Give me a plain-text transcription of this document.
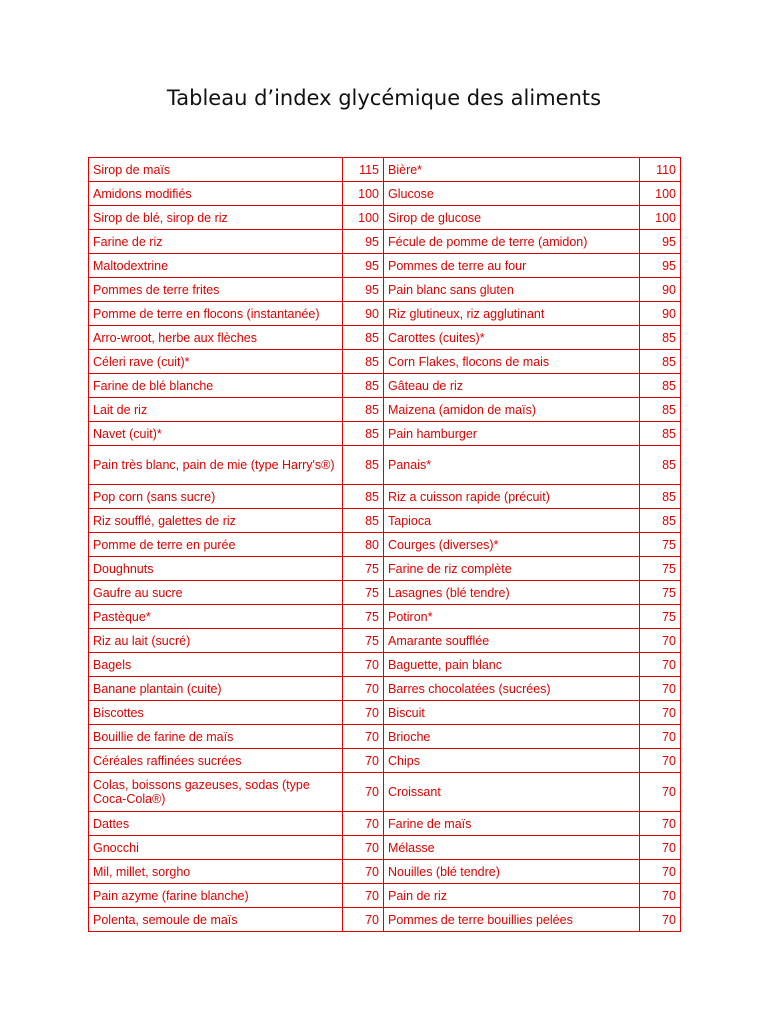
Tableau d’index glycémique des aliments
Sirop de maïs	115	Bière*	110
Amidons modifiés	100	Glucose	100
Sirop de blé, sirop de riz	100	Sirop de glucose	100
Farine de riz	95	Fécule de pomme de terre (amidon)	95
Maltodextrine	95	Pommes de terre au four	95
Pommes de terre frites	95	Pain blanc sans gluten	90
Pomme de terre en flocons (instantanée)	90	Riz glutineux, riz agglutinant	90
Arro-wroot, herbe aux flèches	85	Carottes (cuites)*	85
Céleri rave (cuit)*	85	Corn Flakes, flocons de mais	85
Farine de blé blanche	85	Gâteau de riz	85
Lait de riz	85	Maizena (amidon de maïs)	85
Navet (cuit)*	85	Pain hamburger	85
Pain très blanc, pain de mie (type Harry's®)	85	Panais*	85
Pop corn (sans sucre)	85	Riz a cuisson rapide (précuit)	85
Riz soufflé, galettes de riz	85	Tapioca	85
Pomme de terre en purée	80	Courges (diverses)*	75
Doughnuts	75	Farine de riz complète	75
Gaufre au sucre	75	Lasagnes (blé tendre)	75
Pastèque*	75	Potiron*	75
Riz au lait (sucré)	75	Amarante soufflée	70
Bagels	70	Baguette, pain blanc	70
Banane plantain (cuite)	70	Barres chocolatées (sucrées)	70
Biscottes	70	Biscuit	70
Bouillie de farine de maïs	70	Brioche	70
Céréales raffinées sucrées	70	Chips	70
Colas, boissons gazeuses, sodas (type Coca-Cola®)	70	Croissant	70
Dattes	70	Farine de maïs	70
Gnocchi	70	Mélasse	70
Mil, millet, sorgho	70	Nouilles (blé tendre)	70
Pain azyme (farine blanche)	70	Pain de riz	70
Polenta, semoule de maïs	70	Pommes de terre bouillies pelées	70
